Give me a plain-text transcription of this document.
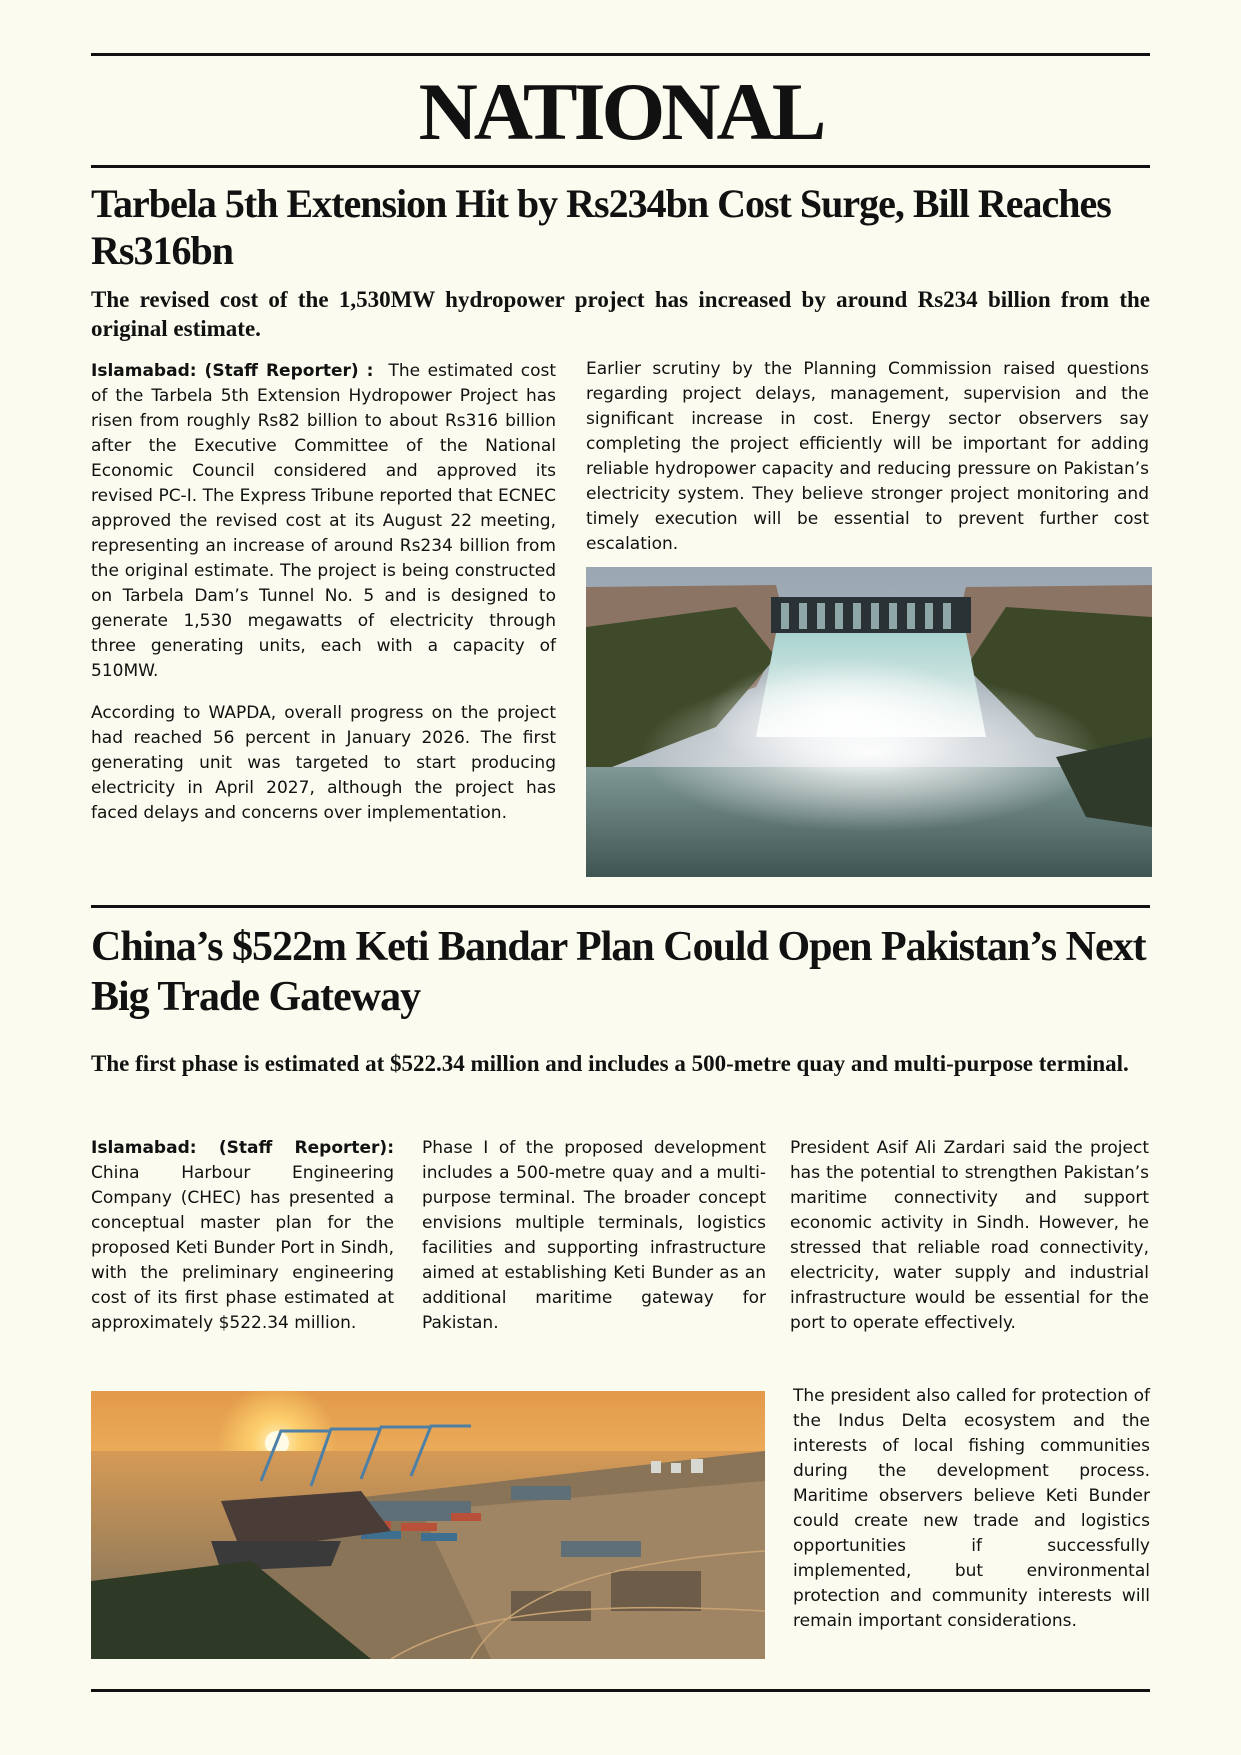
NATIONAL
Tarbela 5th Extension Hit by Rs234bn Cost Surge, Bill Reaches Rs316bn
The revised cost of the 1,530MW hydropower project has increased by around Rs234 billion from the original estimate.

Islamabad: (Staff Reporter) : The estimated cost of the Tarbela 5th Extension Hydropower Project has risen from roughly Rs82 billion to about Rs316 billion after the Executive Committee of the National Economic Council considered and approved its revised PC-I. The Express Tribune reported that ECNEC approved the revised cost at its August 22 meeting, representing an increase of around Rs234 billion from the original estimate. The project is being constructed on Tarbela Dam’s Tunnel No. 5 and is designed to generate 1,530 megawatts of electricity through three generating units, each with a capacity of 510MW.

According to WAPDA, overall progress on the project had reached 56 percent in January 2026. The first generating unit was targeted to start producing electricity in April 2027, although the project has faced delays and concerns over implementation.

Earlier scrutiny by the Planning Commission raised questions regarding project delays, management, supervision and the significant increase in cost. Energy sector observers say completing the project efficiently will be important for adding reliable hydropower capacity and reducing pressure on Pakistan’s electricity system. They believe stronger project monitoring and timely execution will be essential to prevent further cost escalation.

China’s $522m Keti Bandar Plan Could Open Pakistan’s Next Big Trade Gateway
The first phase is estimated at $522.34 million and includes a 500-metre quay and multi-purpose terminal.

Islamabad: (Staff Reporter): China Harbour Engineering Company (CHEC) has presented a conceptual master plan for the proposed Keti Bunder Port in Sindh, with the preliminary engineering cost of its first phase estimated at approximately $522.34 million.

Phase I of the proposed development includes a 500-metre quay and a multi-purpose terminal. The broader concept envisions multiple terminals, logistics facilities and supporting infrastructure aimed at establishing Keti Bunder as an additional maritime gateway for Pakistan.

President Asif Ali Zardari said the project has the potential to strengthen Pakistan’s maritime connectivity and support economic activity in Sindh. However, he stressed that reliable road connectivity, electricity, water supply and industrial infrastructure would be essential for the port to operate effectively.

The president also called for protection of the Indus Delta ecosystem and the interests of local fishing communities during the development process. Maritime observers believe Keti Bunder could create new trade and logistics opportunities if successfully implemented, but environmental protection and community interests will remain important considerations.
